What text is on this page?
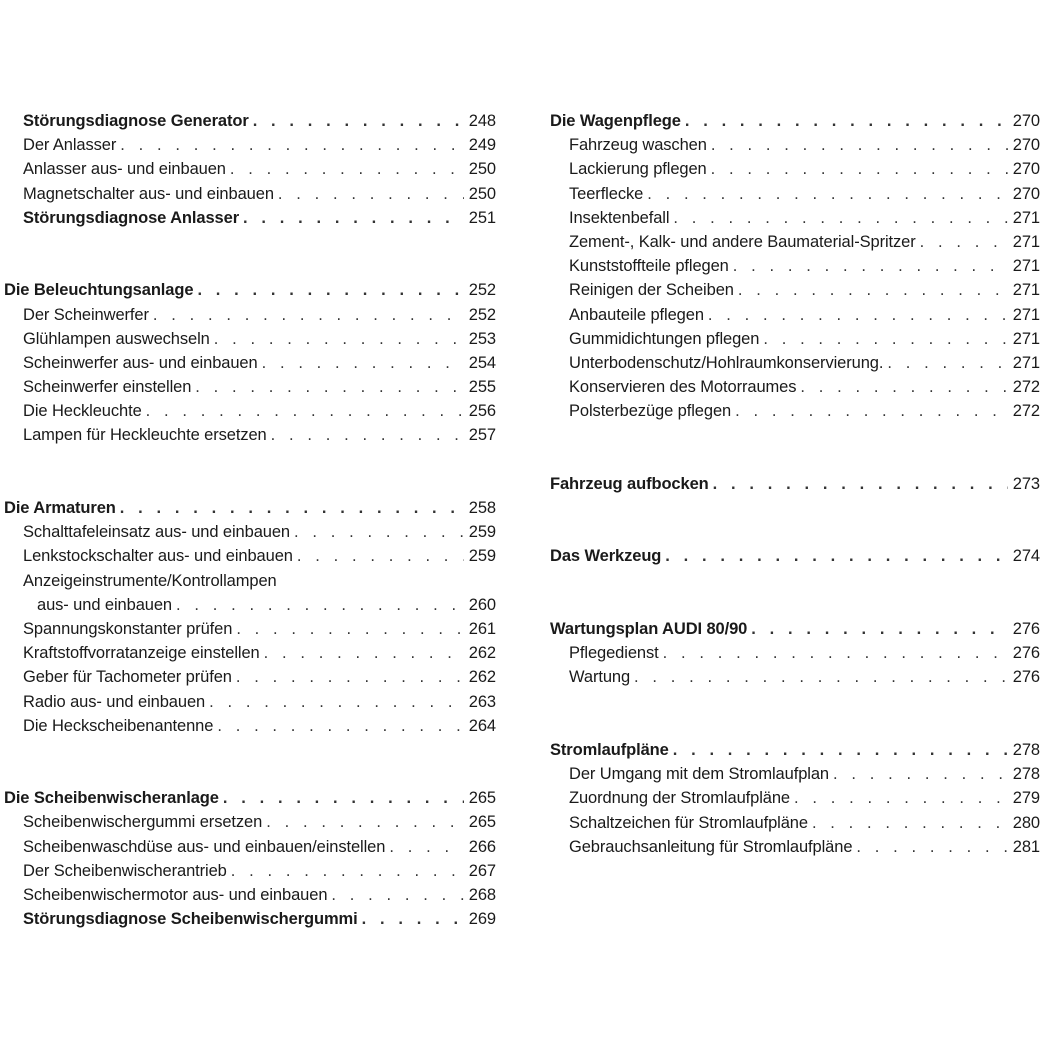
Störungsdiagnose Generator . . .	248
Der Anlasser . . .	249
Anlasser aus- und einbauen . . .	250
Magnetschalter aus- und einbauen . . .	250
Störungsdiagnose Anlasser . . .	251
Die Beleuchtungsanlage . . .	252
Der Scheinwerfer . . .	252
Glühlampen auswechseln . . .	253
Scheinwerfer aus- und einbauen . . .	254
Scheinwerfer einstellen . . .	255
Die Heckleuchte . . .	256
Lampen für Heckleuchte ersetzen . . .	257
Die Armaturen . . .	258
Schalttafeleinsatz aus- und einbauen . . .	259
Lenkstockschalter aus- und einbauen . . .	259
Anzeigeinstrumente/Kontrollampen
aus- und einbauen . . .	260
Spannungskonstanter prüfen . . .	261
Kraftstoffvorratanzeige einstellen . . .	262
Geber für Tachometer prüfen . . .	262
Radio aus- und einbauen . . .	263
Die Heckscheibenantenne . . .	264
Die Scheibenwischeranlage . . .	265
Scheibenwischergummi ersetzen . . .	265
Scheibenwaschdüse aus- und einbauen/einstellen . . .	266
Der Scheibenwischerantrieb . . .	267
Scheibenwischermotor aus- und einbauen . . .	268
Störungsdiagnose Scheibenwischergummi . . .	269
Die Wagenpflege . . .	270
Fahrzeug waschen . . .	270
Lackierung pflegen . . .	270
Teerflecke . . .	270
Insektenbefall . . .	271
Zement-, Kalk- und andere Baumaterial-Spritzer . . .	271
Kunststoffteile pflegen . . .	271
Reinigen der Scheiben . . .	271
Anbauteile pflegen . . .	271
Gummidichtungen pflegen . . .	271
Unterbodenschutz/Hohlraumkonservierung. . . .	271
Konservieren des Motorraumes . . .	272
Polsterbezüge pflegen . . .	272
Fahrzeug aufbocken . . .	273
Das Werkzeug . . .	274
Wartungsplan AUDI 80/90 . . .	276
Pflegedienst . . .	276
Wartung . . .	276
Stromlaufpläne . . .	278
Der Umgang mit dem Stromlaufplan . . .	278
Zuordnung der Stromlaufpläne . . .	279
Schaltzeichen für Stromlaufpläne . . .	280
Gebrauchsanleitung für Stromlaufpläne . . .	281
